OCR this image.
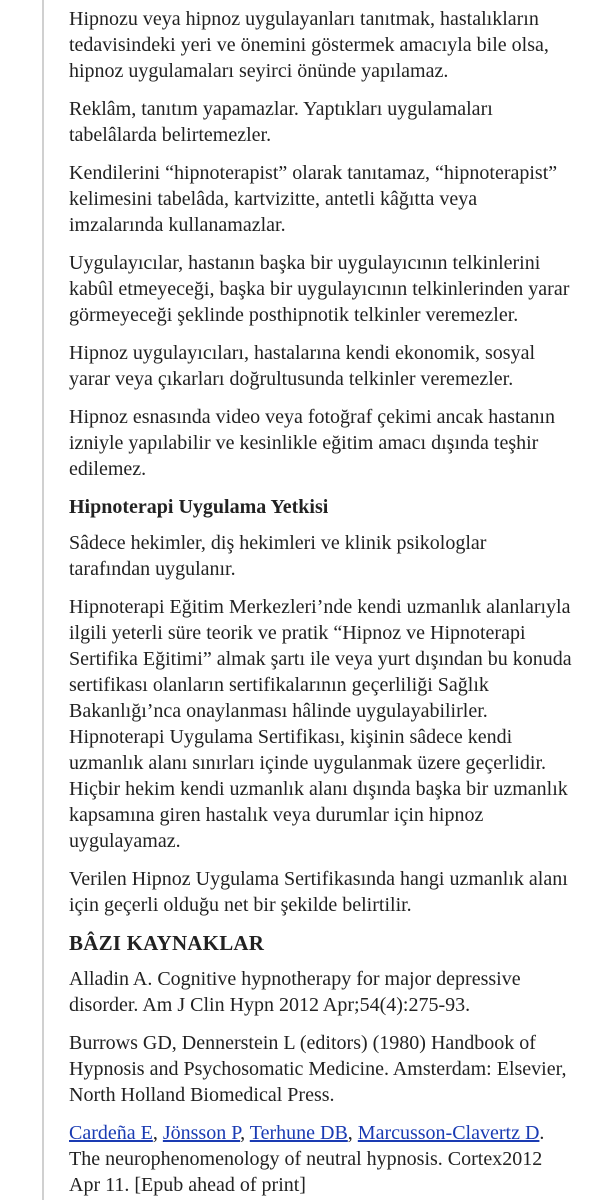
Hipnozu veya hipnoz uygulayanları tanıtmak, hastalıkların tedavisindeki yeri ve önemini göstermek amacıyla bile olsa, hipnoz uygulamaları seyirci önünde yapılamaz.

Reklâm, tanıtım yapamazlar. Yaptıkları uygulamaları tabelâlarda belirtemezler.

Kendilerini “hipnoterapist” olarak tanıtamaz, “hipnoterapist” kelimesini tabelâda, kartvizitte, antetli kâğıtta veya imzalarında kullanamazlar.

Uygulayıcılar, hastanın başka bir uygulayıcının telkinlerini kabûl etmeyeceği, başka bir uygulayıcının telkinlerinden yarar görmeyeceği şeklinde posthipnotik telkinler veremezler.

Hipnoz uygulayıcıları, hastalarına kendi ekonomik, sosyal yarar veya çıkarları doğrultusunda telkinler veremezler.

Hipnoz esnasında video veya fotoğraf çekimi ancak hastanın izniyle yapılabilir ve kesinlikle eğitim amacı dışında teşhir edilemez.

Hipnoterapi Uygulama Yetkisi

Sâdece hekimler, diş hekimleri ve klinik psikologlar tarafından uygulanır.

Hipnoterapi Eğitim Merkezleri’nde kendi uzmanlık alanlarıyla ilgili yeterli süre teorik ve pratik “Hipnoz ve Hipnoterapi Sertifika Eğitimi” almak şartı ile veya yurt dışından bu konuda sertifikası olanların sertifikalarının geçerliliği Sağlık Bakanlığı’nca onaylanması hâlinde uygulayabilirler. Hipnoterapi Uygulama Sertifikası, kişinin sâdece kendi uzmanlık alanı sınırları içinde uygulanmak üzere geçerlidir. Hiçbir hekim kendi uzmanlık alanı dışında başka bir uzmanlık kapsamına giren hastalık veya durumlar için hipnoz uygulayamaz.

Verilen Hipnoz Uygulama Sertifikasında hangi uzmanlık alanı için geçerli olduğu net bir şekilde belirtilir.

BÂZI KAYNAKLAR

Alladin A. Cognitive hypnotherapy for major depressive disorder. Am J Clin Hypn 2012 Apr;54(4):275-93.

Burrows GD, Dennerstein L (editors) (1980) Handbook of Hypnosis and Psychosomatic Medicine. Amsterdam: Elsevier, North Holland Biomedical Press.

Cardeña E, Jönsson P, Terhune DB, Marcusson-Clavertz D. The neurophenomenology of neutral hypnosis. Cortex2012 Apr 11. [Epub ahead of print]
